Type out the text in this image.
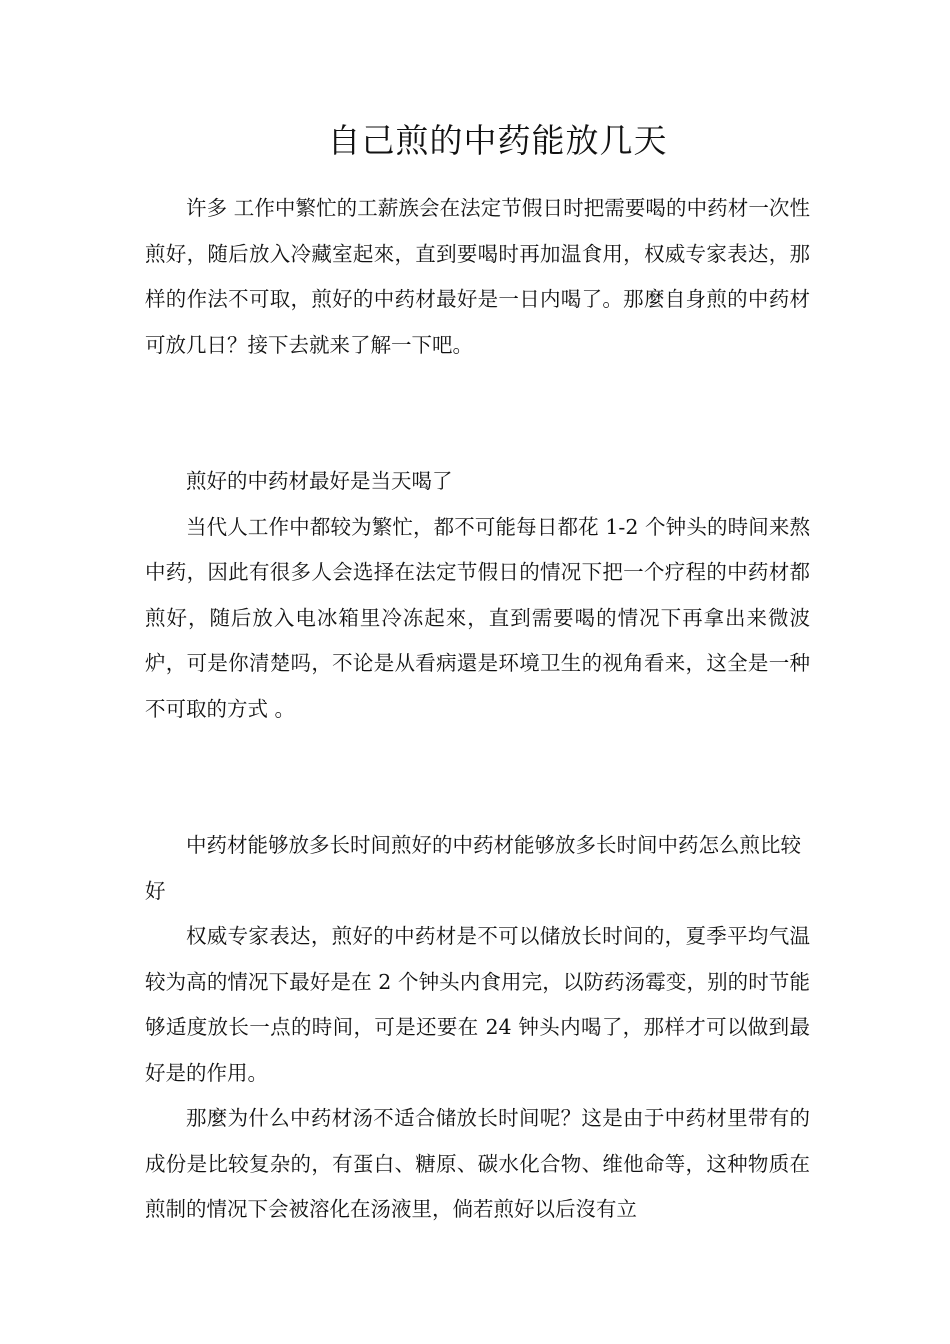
自己煎的中药能放几天

许多 工作中繁忙的工薪族会在法定节假日时把需要喝的中药材一次性煎好，随后放入冷藏室起來，直到要喝时再加温食用，权威专家表达，那样的作法不可取，煎好的中药材最好是一日内喝了。那麼自身煎的中药材可放几日？接下去就来了解一下吧。

煎好的中药材最好是当天喝了

当代人工作中都较为繁忙，都不可能每日都花 1-2 个钟头的時间来熬中药，因此有很多人会选择在法定节假日的情况下把一个疗程的中药材都煎好，随后放入电冰箱里冷冻起來，直到需要喝的情况下再拿出来微波炉，可是你清楚吗，不论是从看病還是环境卫生的视角看来，这全是一种不可取的方式 。

中药材能够放多长时间煎好的中药材能够放多长时间中药怎么煎比较好

权威专家表达，煎好的中药材是不可以储放长时间的，夏季平均气温较为高的情况下最好是在 2 个钟头内食用完，以防药汤霉变，别的时节能够适度放长一点的時间，可是还要在 24 钟头内喝了，那样才可以做到最好是的作用。

那麼为什么中药材汤不适合储放长时间呢？这是由于中药材里带有的成份是比较复杂的，有蛋白、糖原、碳水化合物、维他命等，这种物质在煎制的情况下会被溶化在汤液里，倘若煎好以后沒有立
